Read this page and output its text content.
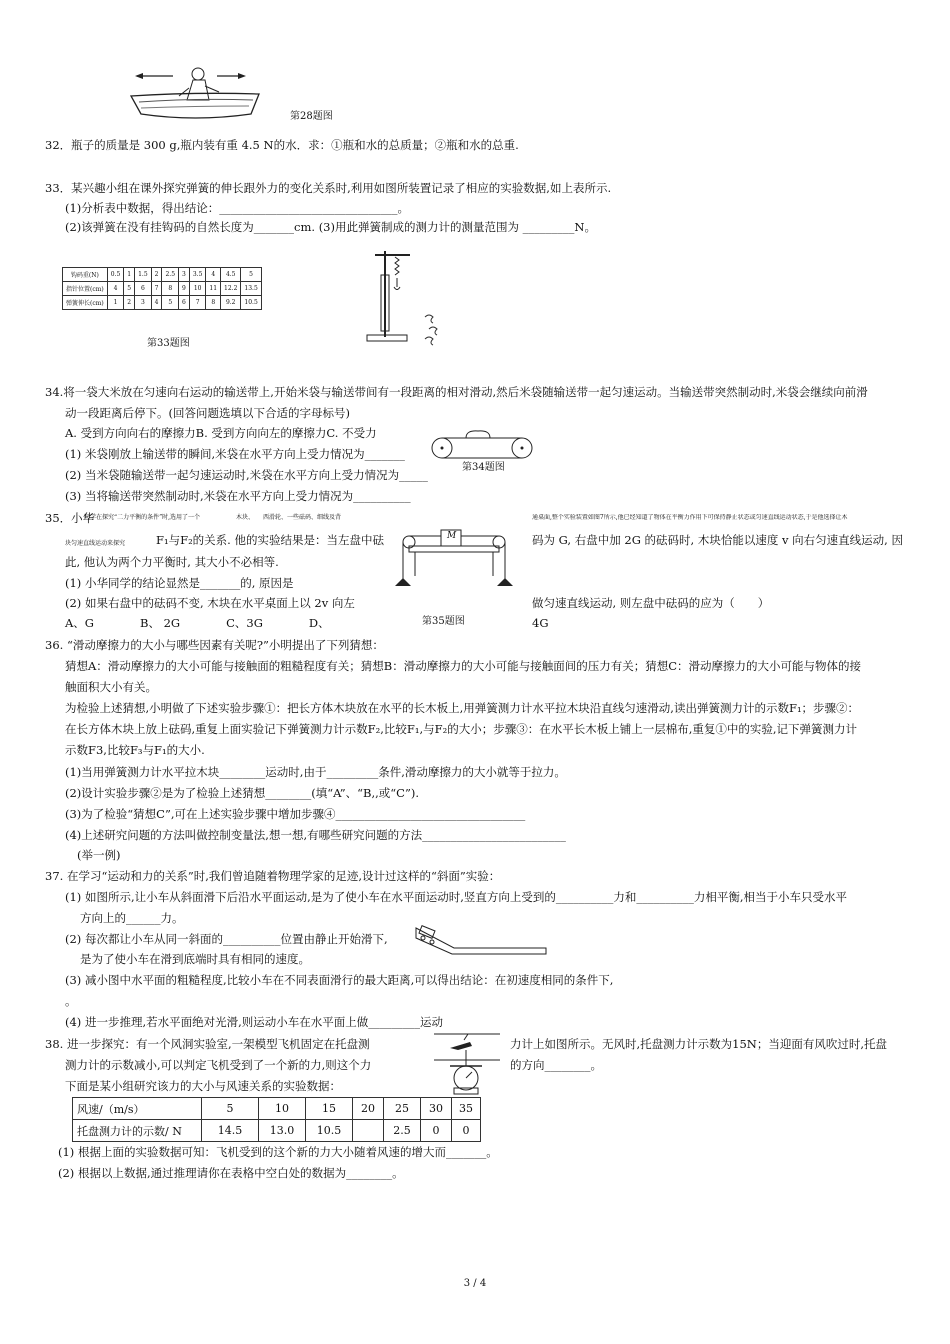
第28题图
32．瓶子的质量是 300 g,瓶内装有重 4.5 N的水．求：①瓶和水的总质量；②瓶和水的总重.
33．某兴趣小组在课外探究弹簧的伸长跟外力的变化关系时,利用如图所装置记录了相应的实验数据,如上表所示.
(1)分析表中数据，得出结论：_______________________________。
(2)该弹簧在没有挂钩码的自然长度为_______cm. (3)用此弹簧制成的测力计的测量范围为 _________N。
钩码重(N)	0.5	1	1.5	2	2.5	3	3.5	4	4.5	5
指针位置(cm)	4	5	6	7	8	9	10	11	12.2	13.5
弹簧伸长(cm)	1	2	3	4	5	6	7	8	9.2	10.5
第33题图
34.将一袋大米放在匀速向右运动的输送带上,开始米袋与输送带间有一段距离的相对滑动,然后米袋随输送带一起匀速运动。当输送带突然制动时,米袋会继续向前滑
动一段距离后停下。(回答问题选填以下合适的字母标号)
A. 受到方向向右的摩擦力B. 受到方向向左的摩擦力C. 不受力
(1) 米袋刚放上输送带的瞬间,米袋在水平方向上受力情况为_______
(2) 当米袋随输送带一起匀速运动时,米袋在水平方向上受力情况为_____
(3) 当将输送带突然制动时,米袋在水平方向上受力情况为__________
第34题图
35．小华
同学在探究“二力平衡的条件”时,选用了一个	木块、　　西滑轮、一些砝码、细线及背	通桌面,整个实验装置如图7所示,他已经知道了物体在平衡力作用下可保持静止状态或匀速直线运动状态,于是他选择让木
块匀速直线运动来探究	F₁与F₂的关系. 他的实验结果是：当左盘中砝	码为 G, 右盘中加 2G 的砝码时, 木块恰能以速度 v 向右匀速直线运动, 因
此, 他认为两个力平衡时, 其大小不必相等.
(1) 小华同学的结论显然是_______的, 原因是
(2) 如果右盘中的砝码不变, 木块在水平桌面上以 2v 向左	做匀速直线运动, 则左盘中砝码的应为（　　）
A、G　　　　B、 2G　　　　C、3G　　　　D、	4G
M
第35题图
36. “滑动摩擦力的大小与哪些因素有关呢?”小明提出了下列猜想：
猜想A：滑动摩擦力的大小可能与接触面的粗糙程度有关；猜想B：滑动摩擦力的大小可能与接触面间的压力有关；猜想C：滑动摩擦力的大小可能与物体的接
触面积大小有关。
为检验上述猜想,小明做了下述实验步骤①：把长方体木块放在水平的长木板上,用弹簧测力计水平拉木块沿直线匀速滑动,读出弹簧测力计的示数F₁；步骤②：
在长方体木块上放上砝码,重复上面实验记下弹簧测力计示数F₂,比较F₁,与F₂的大小；步骤③：在水平长木板上铺上一层棉布,重复①中的实验,记下弹簧测力计
示数F3,比较F₃与F₁的大小.
(1)当用弹簧测力计水平拉木块________运动时,由于_________条件,滑动摩擦力的大小就等于拉力。
(2)设计实验步骤②是为了检验上述猜想________(填“A”、“B,,或“C”).
(3)为了检验“猜想C”,可在上述实验步骤中增加步骤④_________________________________
(4)上述研究问题的方法叫做控制变量法,想一想,有哪些研究问题的方法_________________________
(举一例)
37. 在学习“运动和力的关系”时,我们曾追随着物理学家的足迹,设计过这样的“斜面”实验：
(1) 如图所示,让小车从斜面滑下后沿水平面运动,是为了使小车在水平面运动时,竖直方向上受到的__________力和__________力相平衡,相当于小车只受水平
方向上的______力。
(2) 每次都让小车从同一斜面的__________位置由静止开始滑下,
是为了使小车在滑到底端时具有相同的速度。
(3) 减小图中水平面的粗糙程度,比较小车在不同表面滑行的最大距离,可以得出结论：在初速度相同的条件下,
。
(4) 进一步推理,若水平面绝对光滑,则运动小车在水平面上做_________运动
38. 进一步探究：有一个风洞实验室,一架模型飞机固定在托盘测	力计上如图所示。无风时,托盘测力计示数为15N；当迎面有风吹过时,托盘
测力计的示数减小,可以判定飞机受到了一个新的力,则这个力	的方向________。
下面是某小组研究该力的大小与风速关系的实验数据：
风速/（m/s）	5	10	15	20	25	30	35
托盘测力计的示数/ N	14.5	13.0	10.5		2.5	0	0
(1) 根据上面的实验数据可知：飞机受到的这个新的力大小随着风速的增大而_______。
(2) 根据以上数据,通过推理请你在表格中空白处的数据为________。
3 / 4
